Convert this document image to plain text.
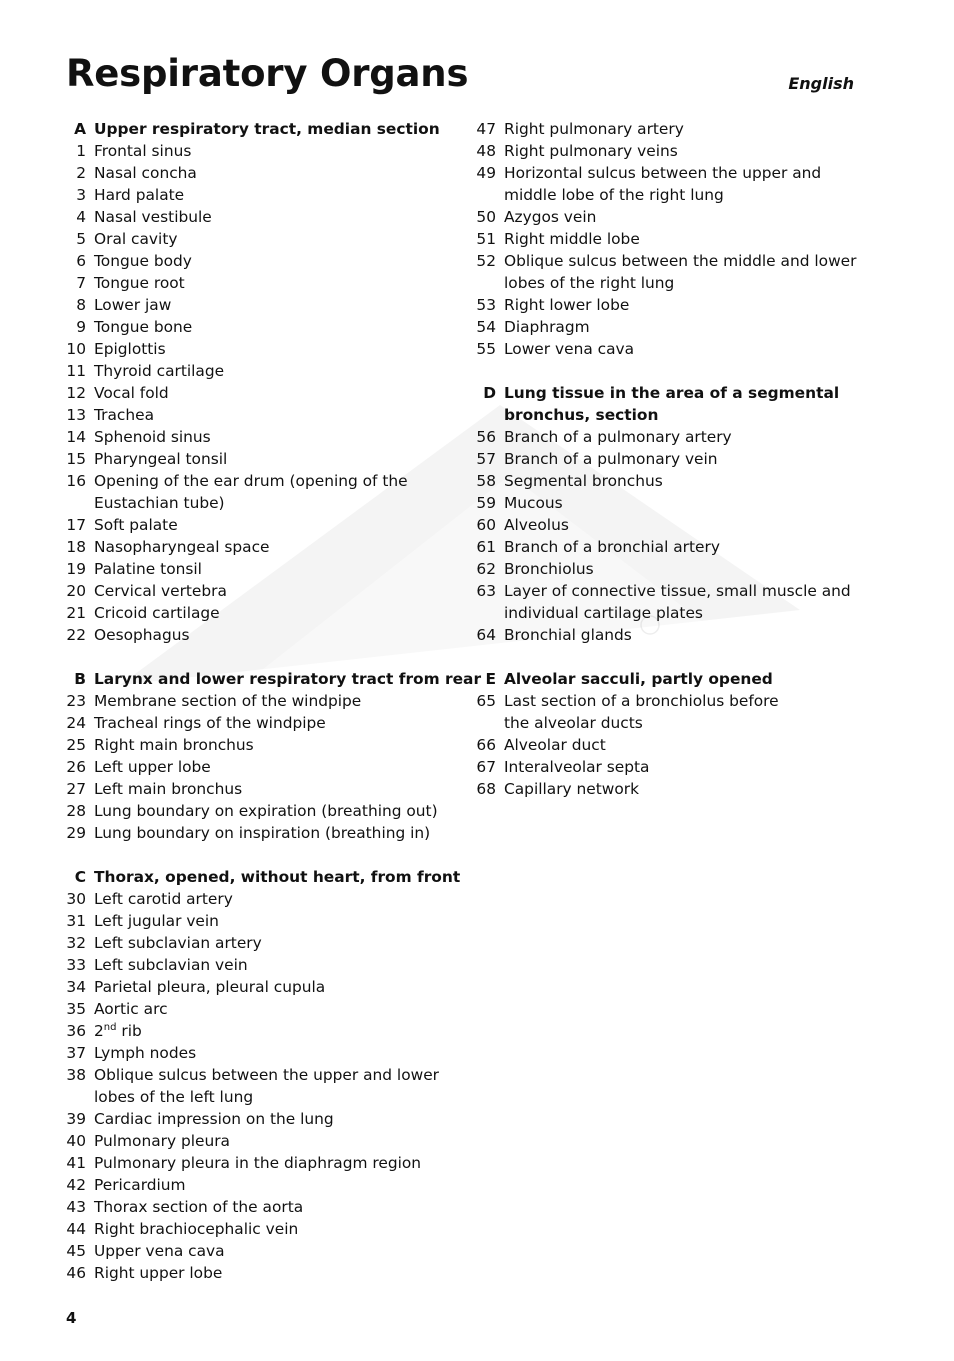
Respiratory Organs	English
A Upper respiratory tract, median section
1 Frontal sinus
2 Nasal concha
3 Hard palate
4 Nasal vestibule
5 Oral cavity
6 Tongue body
7 Tongue root
8 Lower jaw
9 Tongue bone
10 Epiglottis
11 Thyroid cartilage
12 Vocal fold
13 Trachea
14 Sphenoid sinus
15 Pharyngeal tonsil
16 Opening of the ear drum (opening of the
Eustachian tube)
17 Soft palate
18 Nasopharyngeal space
19 Palatine tonsil
20 Cervical vertebra
21 Cricoid cartilage
22 Oesophagus
B Larynx and lower respiratory tract from rear
23 Membrane section of the windpipe
24 Tracheal rings of the windpipe
25 Right main bronchus
26 Left upper lobe
27 Left main bronchus
28 Lung boundary on expiration (breathing out)
29 Lung boundary on inspiration (breathing in)
C Thorax, opened, without heart, from front
30 Left carotid artery
31 Left jugular vein
32 Left subclavian artery
33 Left subclavian vein
34 Parietal pleura, pleural cupula
35 Aortic arc
36 2nd rib
37 Lymph nodes
38 Oblique sulcus between the upper and lower
lobes of the left lung
39 Cardiac impression on the lung
40 Pulmonary pleura
41 Pulmonary pleura in the diaphragm region
42 Pericardium
43 Thorax section of the aorta
44 Right brachiocephalic vein
45 Upper vena cava
46 Right upper lobe
47 Right pulmonary artery
48 Right pulmonary veins
49 Horizontal sulcus between the upper and
middle lobe of the right lung
50 Azygos vein
51 Right middle lobe
52 Oblique sulcus between the middle and lower
lobes of the right lung
53 Right lower lobe
54 Diaphragm
55 Lower vena cava
D Lung tissue in the area of a segmental
bronchus, section
56 Branch of a pulmonary artery
57 Branch of a pulmonary vein
58 Segmental bronchus
59 Mucous
60 Alveolus
61 Branch of a bronchial artery
62 Bronchiolus
63 Layer of connective tissue, small muscle and
individual cartilage plates
64 Bronchial glands
E Alveolar sacculi, partly opened
65 Last section of a bronchiolus before
the alveolar ducts
66 Alveolar duct
67 Interalveolar septa
68 Capillary network
4
